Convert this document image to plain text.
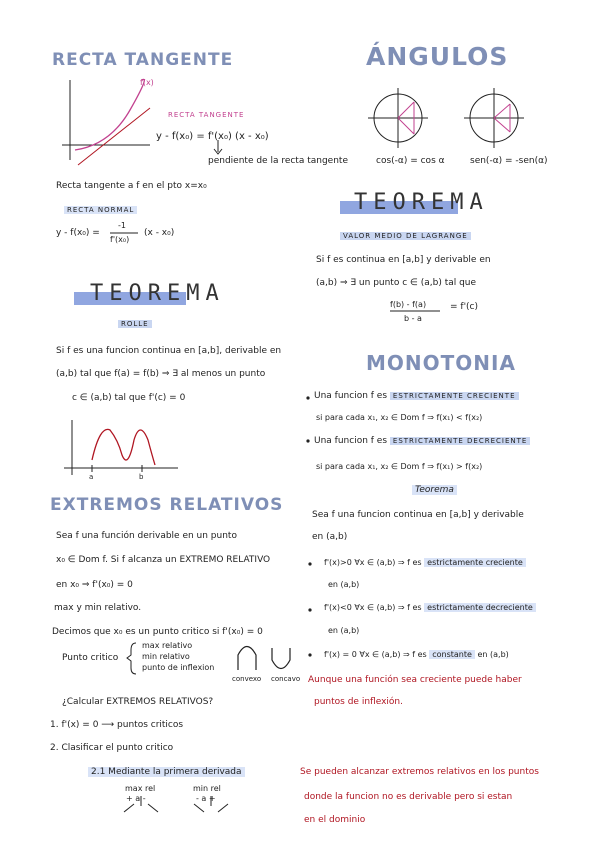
RECTA TANGENTE
f(x)
RECTA TANGENTE
y - f(x₀) = f'(x₀) (x - x₀)
pendiente de la recta tangente
Recta tangente a f en el pto x=x₀
RECTA NORMAL
y - f(x₀) =
-1
f'(x₀)
(x - x₀)
ÁNGULOS
cos(-α) = cos α	sen(-α) = -sen(α)
TEOREMA
VALOR MEDIO DE LAGRANGE
Si f es continua en [a,b] y derivable en
(a,b) ⇒ ∃ un punto c ∈ (a,b) tal que
f(b) - f(a)
b - a
= f'(c)
TEOREMA
ROLLE
Si f es una funcion continua en [a,b], derivable en
(a,b) tal que f(a) = f(b) ⇒ ∃ al menos un punto
c ∈ (a,b) tal que f'(c) = 0
a	b
MONOTONIA
Una funcion f es ESTRICTAMENTE CRECIENTE
si para cada x₁, x₂ ∈ Dom f ⇒ f(x₁) < f(x₂)
Una funcion f es ESTRICTAMENTE DECRECIENTE
si para cada x₁, x₂ ∈ Dom f ⇒ f(x₁) > f(x₂)
Teorema
Sea f una funcion continua en [a,b] y derivable
en (a,b)
f'(x)>0 ∀x ∈ (a,b) ⇒ f es estrictamente creciente
en (a,b)
f'(x)<0 ∀x ∈ (a,b) ⇒ f es estrictamente decreciente
en (a,b)
f'(x) = 0 ∀x ∈ (a,b) ⇒ f es constante en (a,b)
Aunque una función sea creciente puede haber
puntos de inflexión.
Se pueden alcanzar extremos relativos en los puntos
donde la funcion no es derivable pero si estan
en el dominio
EXTREMOS RELATIVOS
Sea f una función derivable en un punto
x₀ ∈ Dom f. Si f alcanza un EXTREMO RELATIVO
en x₀ ⇒ f'(x₀) = 0
max y min relativo.
Decimos que x₀ es un punto critico si f'(x₀) = 0
Punto critico
max relativo
min relativo
punto de inflexion
convexo concavo
¿Calcular EXTREMOS RELATIVOS?
1. f'(x) = 0 ⟶ puntos criticos
2. Clasificar el punto critico
2.1 Mediante la primera derivada
max rel	min rel
+ a -	- a +
